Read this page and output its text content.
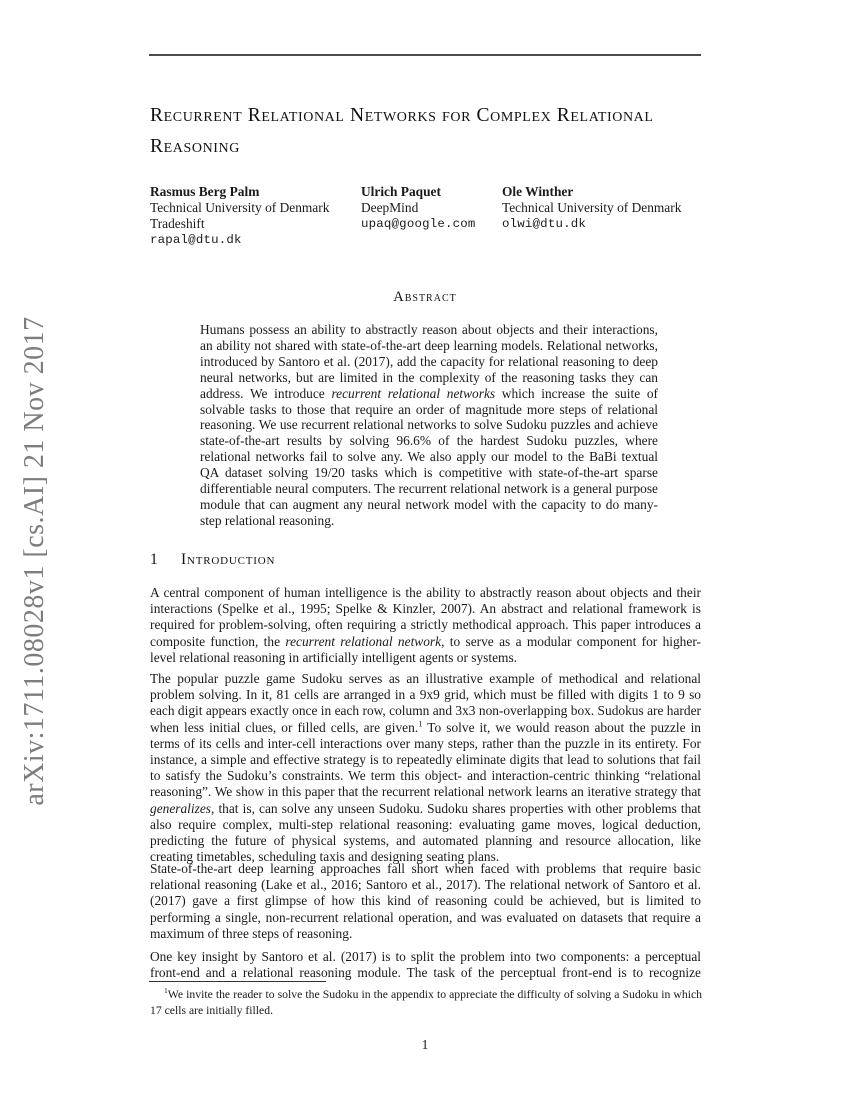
arXiv:1711.08028v1 [cs.AI] 21 Nov 2017
Recurrent Relational Networks for Complex Relational Reasoning
Rasmus Berg Palm
Technical University of Denmark
Tradeshift
rapal@dtu.dk
Ulrich Paquet
DeepMind
upaq@google.com
Ole Winther
Technical University of Denmark
olwi@dtu.dk
Abstract
Humans possess an ability to abstractly reason about objects and their interactions, an ability not shared with state-of-the-art deep learning models. Relational networks, introduced by Santoro et al. (2017), add the capacity for relational reasoning to deep neural networks, but are limited in the complexity of the reasoning tasks they can address. We introduce recurrent relational networks which increase the suite of solvable tasks to those that require an order of magnitude more steps of relational reasoning. We use recurrent relational networks to solve Sudoku puzzles and achieve state-of-the-art results by solving 96.6% of the hardest Sudoku puzzles, where relational networks fail to solve any. We also apply our model to the BaBi textual QA dataset solving 19/20 tasks which is competitive with state-of-the-art sparse differentiable neural computers. The recurrent relational network is a general purpose module that can augment any neural network model with the capacity to do many-step relational reasoning.
1 Introduction
A central component of human intelligence is the ability to abstractly reason about objects and their interactions (Spelke et al., 1995; Spelke & Kinzler, 2007). An abstract and relational framework is required for problem-solving, often requiring a strictly methodical approach. This paper introduces a composite function, the recurrent relational network, to serve as a modular component for higher-level relational reasoning in artificially intelligent agents or systems.
The popular puzzle game Sudoku serves as an illustrative example of methodical and relational problem solving. In it, 81 cells are arranged in a 9x9 grid, which must be filled with digits 1 to 9 so each digit appears exactly once in each row, column and 3x3 non-overlapping box. Sudokus are harder when less initial clues, or filled cells, are given.$^1$ To solve it, we would reason about the puzzle in terms of its cells and inter-cell interactions over many steps, rather than the puzzle in its entirety. For instance, a simple and effective strategy is to repeatedly eliminate digits that lead to solutions that fail to satisfy the Sudoku’s constraints. We term this object- and interaction-centric thinking “relational reasoning”. We show in this paper that the recurrent relational network learns an iterative strategy that generalizes, that is, can solve any unseen Sudoku. Sudoku shares properties with other problems that also require complex, multi-step relational reasoning: evaluating game moves, logical deduction, predicting the future of physical systems, and automated planning and resource allocation, like creating timetables, scheduling taxis and designing seating plans.
State-of-the-art deep learning approaches fall short when faced with problems that require basic relational reasoning (Lake et al., 2016; Santoro et al., 2017). The relational network of Santoro et al. (2017) gave a first glimpse of how this kind of reasoning could be achieved, but is limited to performing a single, non-recurrent relational operation, and was evaluated on datasets that require a maximum of three steps of reasoning.
One key insight by Santoro et al. (2017) is to split the problem into two components: a perceptual front-end and a relational reasoning module. The task of the perceptual front-end is to recognize
$^1$We invite the reader to solve the Sudoku in the appendix to appreciate the difficulty of solving a Sudoku in which 17 cells are initially filled.
1
